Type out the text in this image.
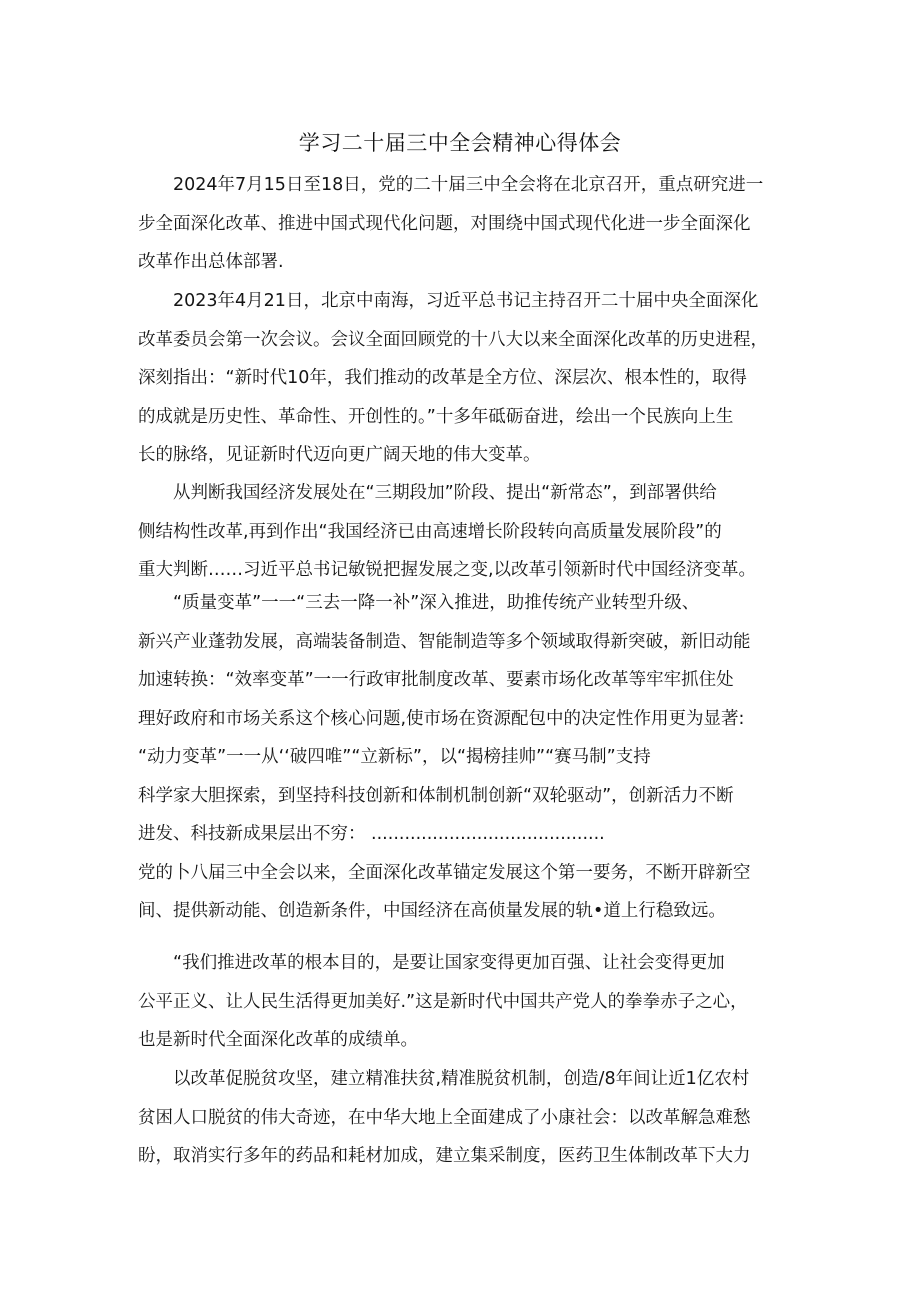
学习二十届三中全会精神心得体会
2024年7月15日至18日，党的二十届三中全会将在北京召开，重点研究进一
步全面深化改革、推进中国式现代化问题，对围绕中国式现代化进一步全面深化
改革作出总体部署.
2023年4月21日，北京中南海，习近平总书记主持召开二十届中央全面深化
改革委员会第一次会议。会议全面回顾党的十八大以来全面深化改革的历史进程，
深刻指出：“新时代10年，我们推动的改革是全方位、深层次、根本性的，取得
的成就是历史性、革命性、开创性的。”十多年砥砺奋进，绘出一个民族向上生
长的脉络，见证新时代迈向更广阔天地的伟大变革。
从判断我国经济发展处在“三期段加”阶段、提出“新常态”，到部署供给
侧结构性改革,再到作出“我国经济已由高速增长阶段转向高质量发展阶段”的
重大判断……习近平总书记敏锐把握发展之变,以改革引领新时代中国经济变革。
“质量变革”一一“三去一降一补”深入推进，助推传统产业转型升级、
新兴产业蓬勃发展，高端装备制造、智能制造等多个领域取得新突破，新旧动能
加速转换：“效率变革”一一行政审批制度改革、要素市场化改革等牢牢抓住处
理好政府和市场关系这个核心问题,使市场在资源配包中的决定性作用更为显著:
“动力变革”一一从‘‘破四唯”“立新标”，以“揭榜挂帅”“赛马制”支持
科学家大胆探索，到坚持科技创新和体制机制创新“双轮驱动”，创新活力不断
进发、科技新成果层出不穷： ..........................................
党的卜八届三中全会以来，全面深化改革锚定发展这个第一要务，不断开辟新空
间、提供新动能、创造新条件，中国经济在高侦量发展的轨•道上行稳致远。
“我们推进改革的根本目的，是要让国家变得更加百强、让社会变得更加
公平正义、让人民生活得更加美好.”这是新时代中国共产党人的拳拳赤子之心，
也是新时代全面深化改革的成绩单。
以改革促脱贫攻坚，建立精准扶贫,精准脱贫机制，创造/8年间让近1亿农村
贫困人口脱贫的伟大奇迹，在中华大地上全面建成了小康社会：以改革解急难愁
盼，取消实行多年的药品和耗材加成，建立集采制度，医药卫生体制改革下大力
